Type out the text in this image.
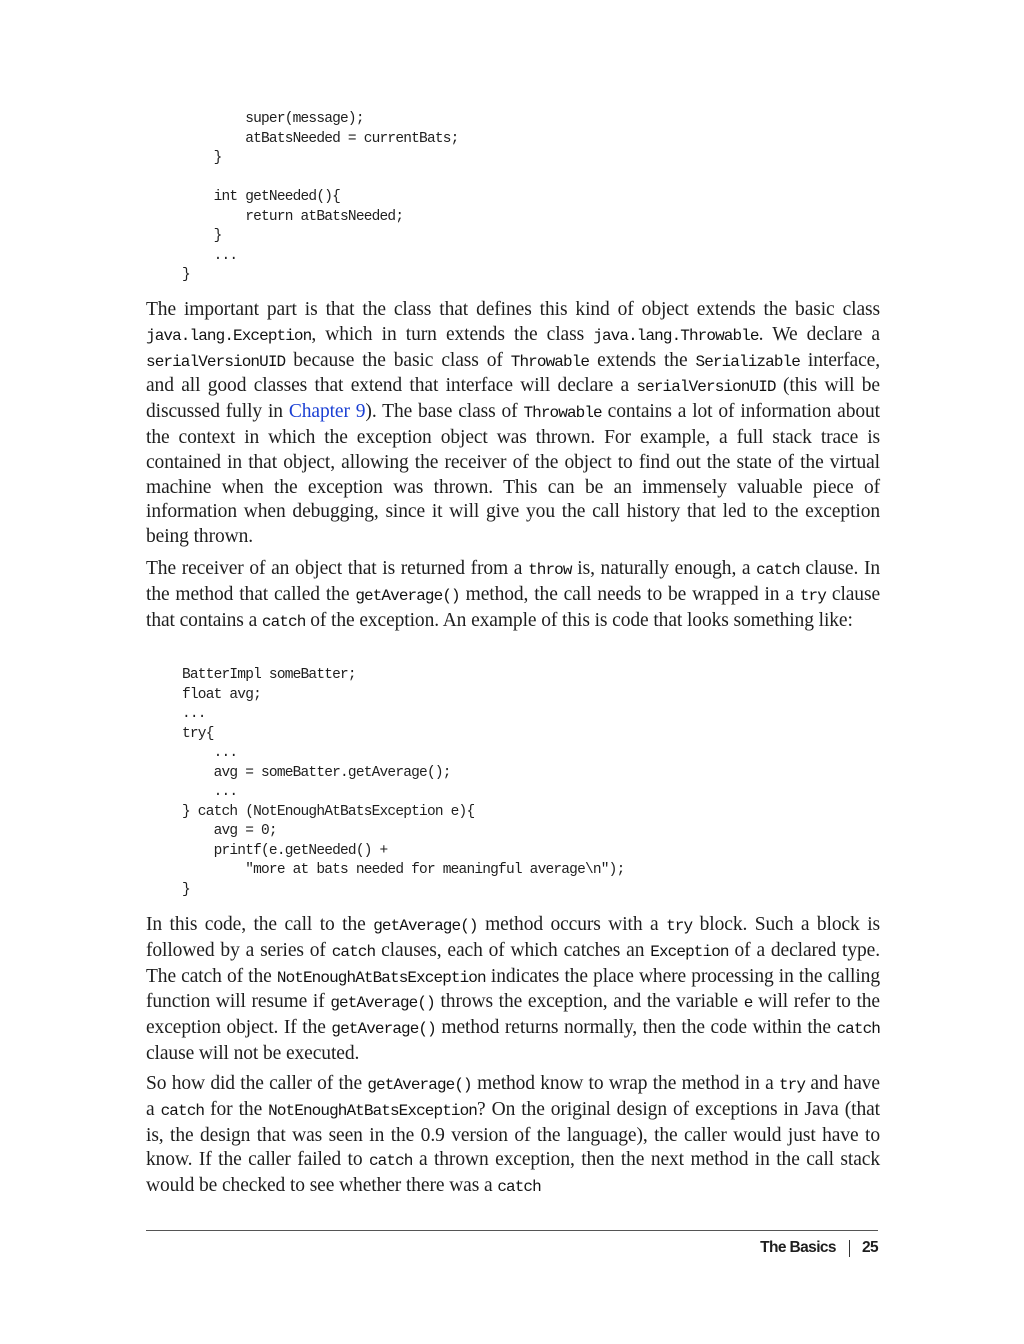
super(message);
atBatsNeeded = currentBats;
}

int getNeeded(){
return atBatsNeeded;
}
...
}

The important part is that the class that defines this kind of object extends the basic class java.lang.Exception, which in turn extends the class java.lang.Throwable. We declare a serialVersionUID because the basic class of Throwable extends the Serializable interface, and all good classes that extend that interface will declare a serialVersionUID (this will be discussed fully in Chapter 9). The base class of Throwable contains a lot of information about the context in which the exception object was thrown. For example, a full stack trace is contained in that object, allowing the receiver of the object to find out the state of the virtual machine when the exception was thrown. This can be an immensely valuable piece of information when debugging, since it will give you the call history that led to the exception being thrown.

The receiver of an object that is returned from a throw is, naturally enough, a catch clause. In the method that called the getAverage() method, the call needs to be wrapped in a try clause that contains a catch of the exception. An example of this is code that looks something like:

BatterImpl someBatter;
float avg;
...
try{
...
avg = someBatter.getAverage();
...
} catch (NotEnoughAtBatsException e){
avg = 0;
printf(e.getNeeded() +
"more at bats needed for meaningful average\n");
}

In this code, the call to the getAverage() method occurs with a try block. Such a block is followed by a series of catch clauses, each of which catches an Exception of a declared type. The catch of the NotEnoughAtBatsException indicates the place where processing in the calling function will resume if getAverage() throws the exception, and the variable e will refer to the exception object. If the getAverage() method returns normally, then the code within the catch clause will not be executed.

So how did the caller of the getAverage() method know to wrap the method in a try and have a catch for the NotEnoughAtBatsException? On the original design of exceptions in Java (that is, the design that was seen in the 0.9 version of the language), the caller would just have to know. If the caller failed to catch a thrown exception, then the next method in the call stack would be checked to see whether there was a catch

The Basics 25
